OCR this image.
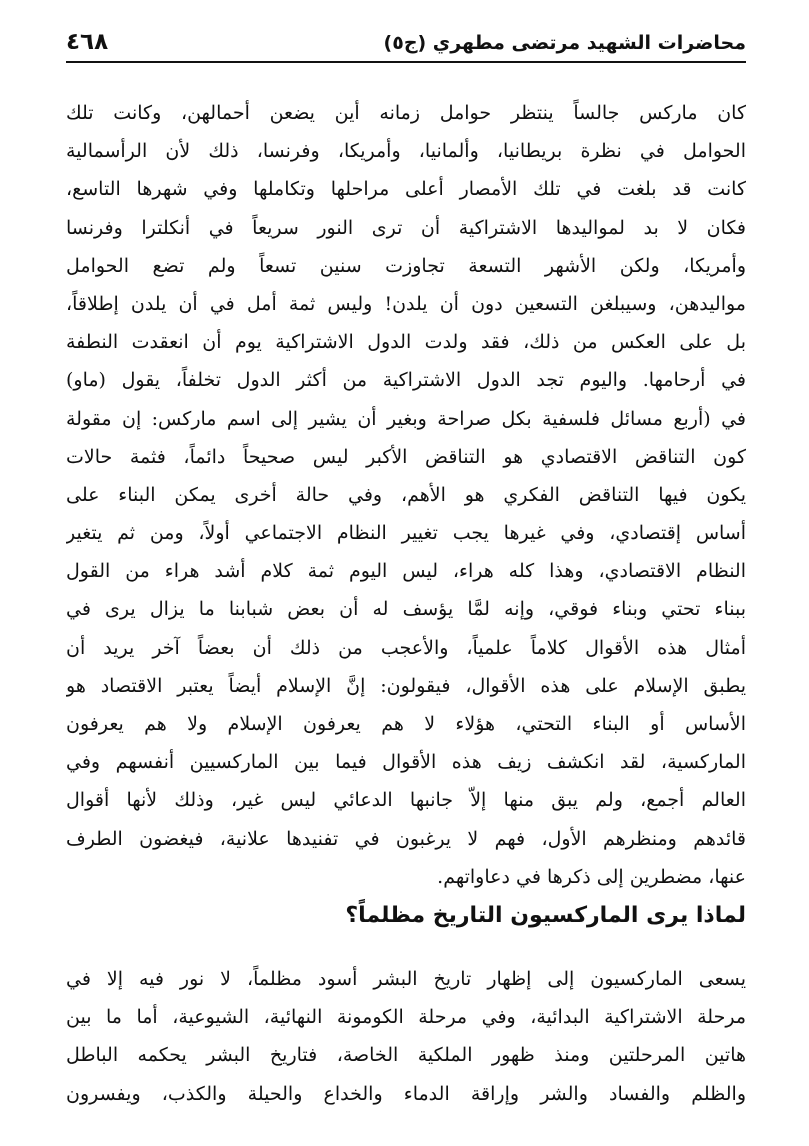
محاضرات الشهيد مرتضى مطهري (ج٥)
٤٦٨
كان ماركس جالساً ينتظر حوامل زمانه أين يضعن أحمالهن، وكانت تلك
الحوامل في نظرة بريطانيا، وألمانيا، وأمريكا، وفرنسا، ذلك لأن الرأسمالية
كانت قد بلغت في تلك الأمصار أعلى مراحلها وتكاملها وفي شهرها التاسع،
فكان لا بد لمواليدها الاشتراكية أن ترى النور سريعاً في أنكلترا وفرنسا
وأمريكا، ولكن الأشهر التسعة تجاوزت سنين تسعاً ولم تضع الحوامل
مواليدهن، وسيبلغن التسعين دون أن يلدن! وليس ثمة أمل في أن يلدن إطلاقاً،
بل على العكس من ذلك، فقد ولدت الدول الاشتراكية يوم أن انعقدت النطفة
في أرحامها. واليوم تجد الدول الاشتراكية من أكثر الدول تخلفاً، يقول (ماو)
في (أربع مسائل فلسفية بكل صراحة وبغير أن يشير إلى اسم ماركس: إن مقولة
كون التناقض الاقتصادي هو التناقض الأكبر ليس صحيحاً دائماً، فثمة حالات
يكون فيها التناقض الفكري هو الأهم، وفي حالة أخرى يمكن البناء على
أساس إقتصادي، وفي غيرها يجب تغيير النظام الاجتماعي أولاً، ومن ثم يتغير
النظام الاقتصادي، وهذا كله هراء، ليس اليوم ثمة كلام أشد هراء من القول
ببناء تحتي وبناء فوقي، وإنه لمَّا يؤسف له أن بعض شبابنا ما يزال يرى في
أمثال هذه الأقوال كلاماً علمياً، والأعجب من ذلك أن بعضاً آخر يريد أن
يطبق الإسلام على هذه الأقوال، فيقولون: إنَّ الإسلام أيضاً يعتبر الاقتصاد هو
الأساس أو البناء التحتي، هؤلاء لا هم يعرفون الإسلام ولا هم يعرفون
الماركسية، لقد انكشف زيف هذه الأقوال فيما بين الماركسيين أنفسهم وفي
العالم أجمع، ولم يبق منها إلاّ جانبها الدعائي ليس غير، وذلك لأنها أقوال
قائدهم ومنظرهم الأول، فهم لا يرغبون في تفنيدها علانية، فيغضون الطرف
عنها، مضطرين إلى ذكرها في دعاواتهم.
لماذا يرى الماركسيون التاريخ مظلماً؟
يسعى الماركسيون إلى إظهار تاريخ البشر أسود مظلماً، لا نور فيه إلا في
مرحلة الاشتراكية البدائية، وفي مرحلة الكومونة النهائية، الشيوعية، أما ما بين
هاتين المرحلتين ومنذ ظهور الملكية الخاصة، فتاريخ البشر يحكمه الباطل
والظلم والفساد والشر وإراقة الدماء والخداع والحيلة والكذب، ويفسرون
